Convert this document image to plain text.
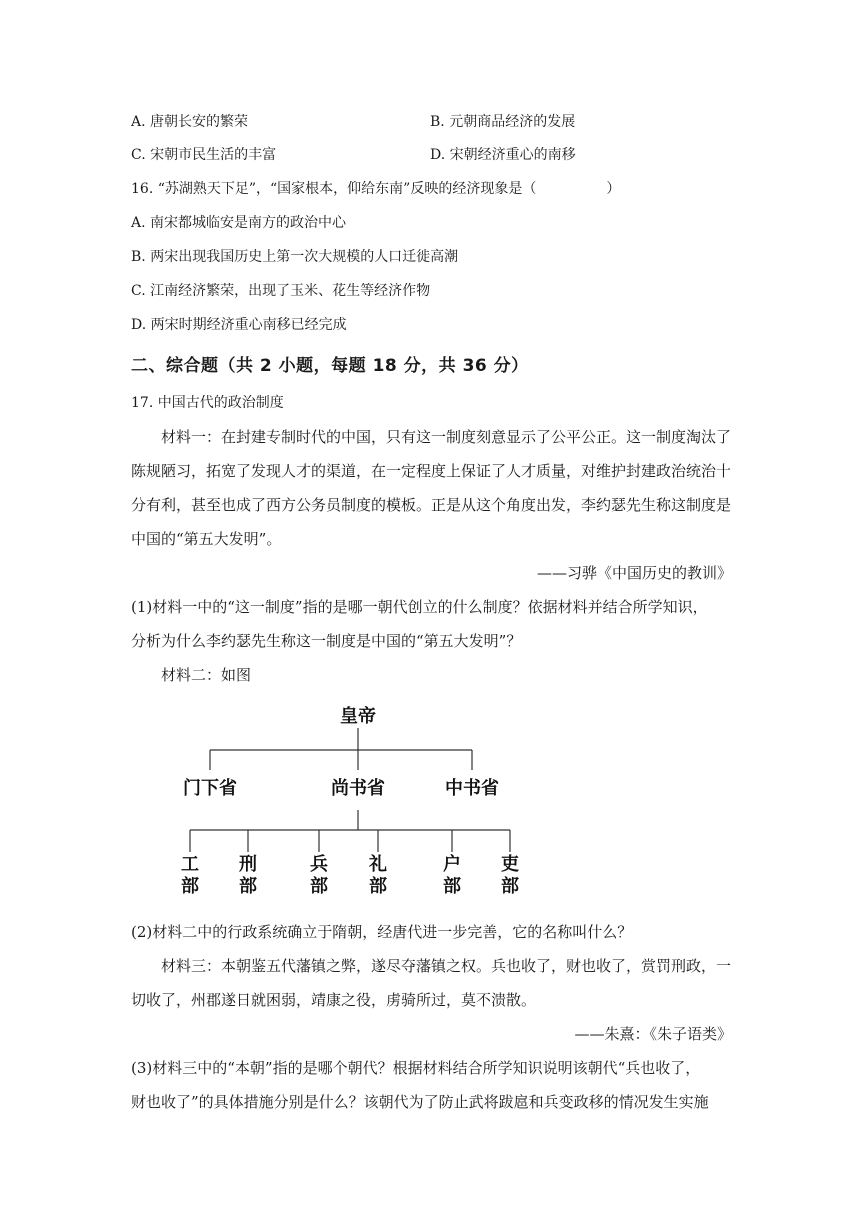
A. 唐朝长安的繁荣	B. 元朝商品经济的发展
C. 宋朝市民生活的丰富	D. 宋朝经济重心的南移
16. “苏湖熟天下足”，“国家根本，仰给东南”反映的经济现象是（　　　　　）
A. 南宋都城临安是南方的政治中心
B. 两宋出现我国历史上第一次大规模的人口迁徙高潮
C. 江南经济繁荣，出现了玉米、花生等经济作物
D. 两宋时期经济重心南移已经完成
二、综合题（共 2 小题，每题 18 分，共 36 分）
17. 中国古代的政治制度
材料一：在封建专制时代的中国，只有这一制度刻意显示了公平公正。这一制度淘汰了
陈规陋习，拓宽了发现人才的渠道，在一定程度上保证了人才质量，对维护封建政治统治十
分有利，甚至也成了西方公务员制度的模板。正是从这个角度出发，李约瑟先生称这制度是
中国的“第五大发明”。
——习骅《中国历史的教训》
(1)材料一中的“这一制度”指的是哪一朝代创立的什么制度？依据材料并结合所学知识，
分析为什么李约瑟先生称这一制度是中国的“第五大发明”？
材料二：如图
皇帝
门下省	尚书省	中书省
工
部
刑
部
兵
部
礼
部
户
部
吏
部
(2)材料二中的行政系统确立于隋朝，经唐代进一步完善，它的名称叫什么？
材料三：本朝鉴五代藩镇之弊，遂尽夺藩镇之权。兵也收了，财也收了，赏罚刑政，一
切收了，州郡遂日就困弱，靖康之役，虏骑所过，莫不溃散。
——朱熹：《朱子语类》
(3)材料三中的“本朝”指的是哪个朝代？根据材料结合所学知识说明该朝代“兵也收了，
财也收了”的具体措施分别是什么？该朝代为了防止武将跋扈和兵变政移的情况发生实施
